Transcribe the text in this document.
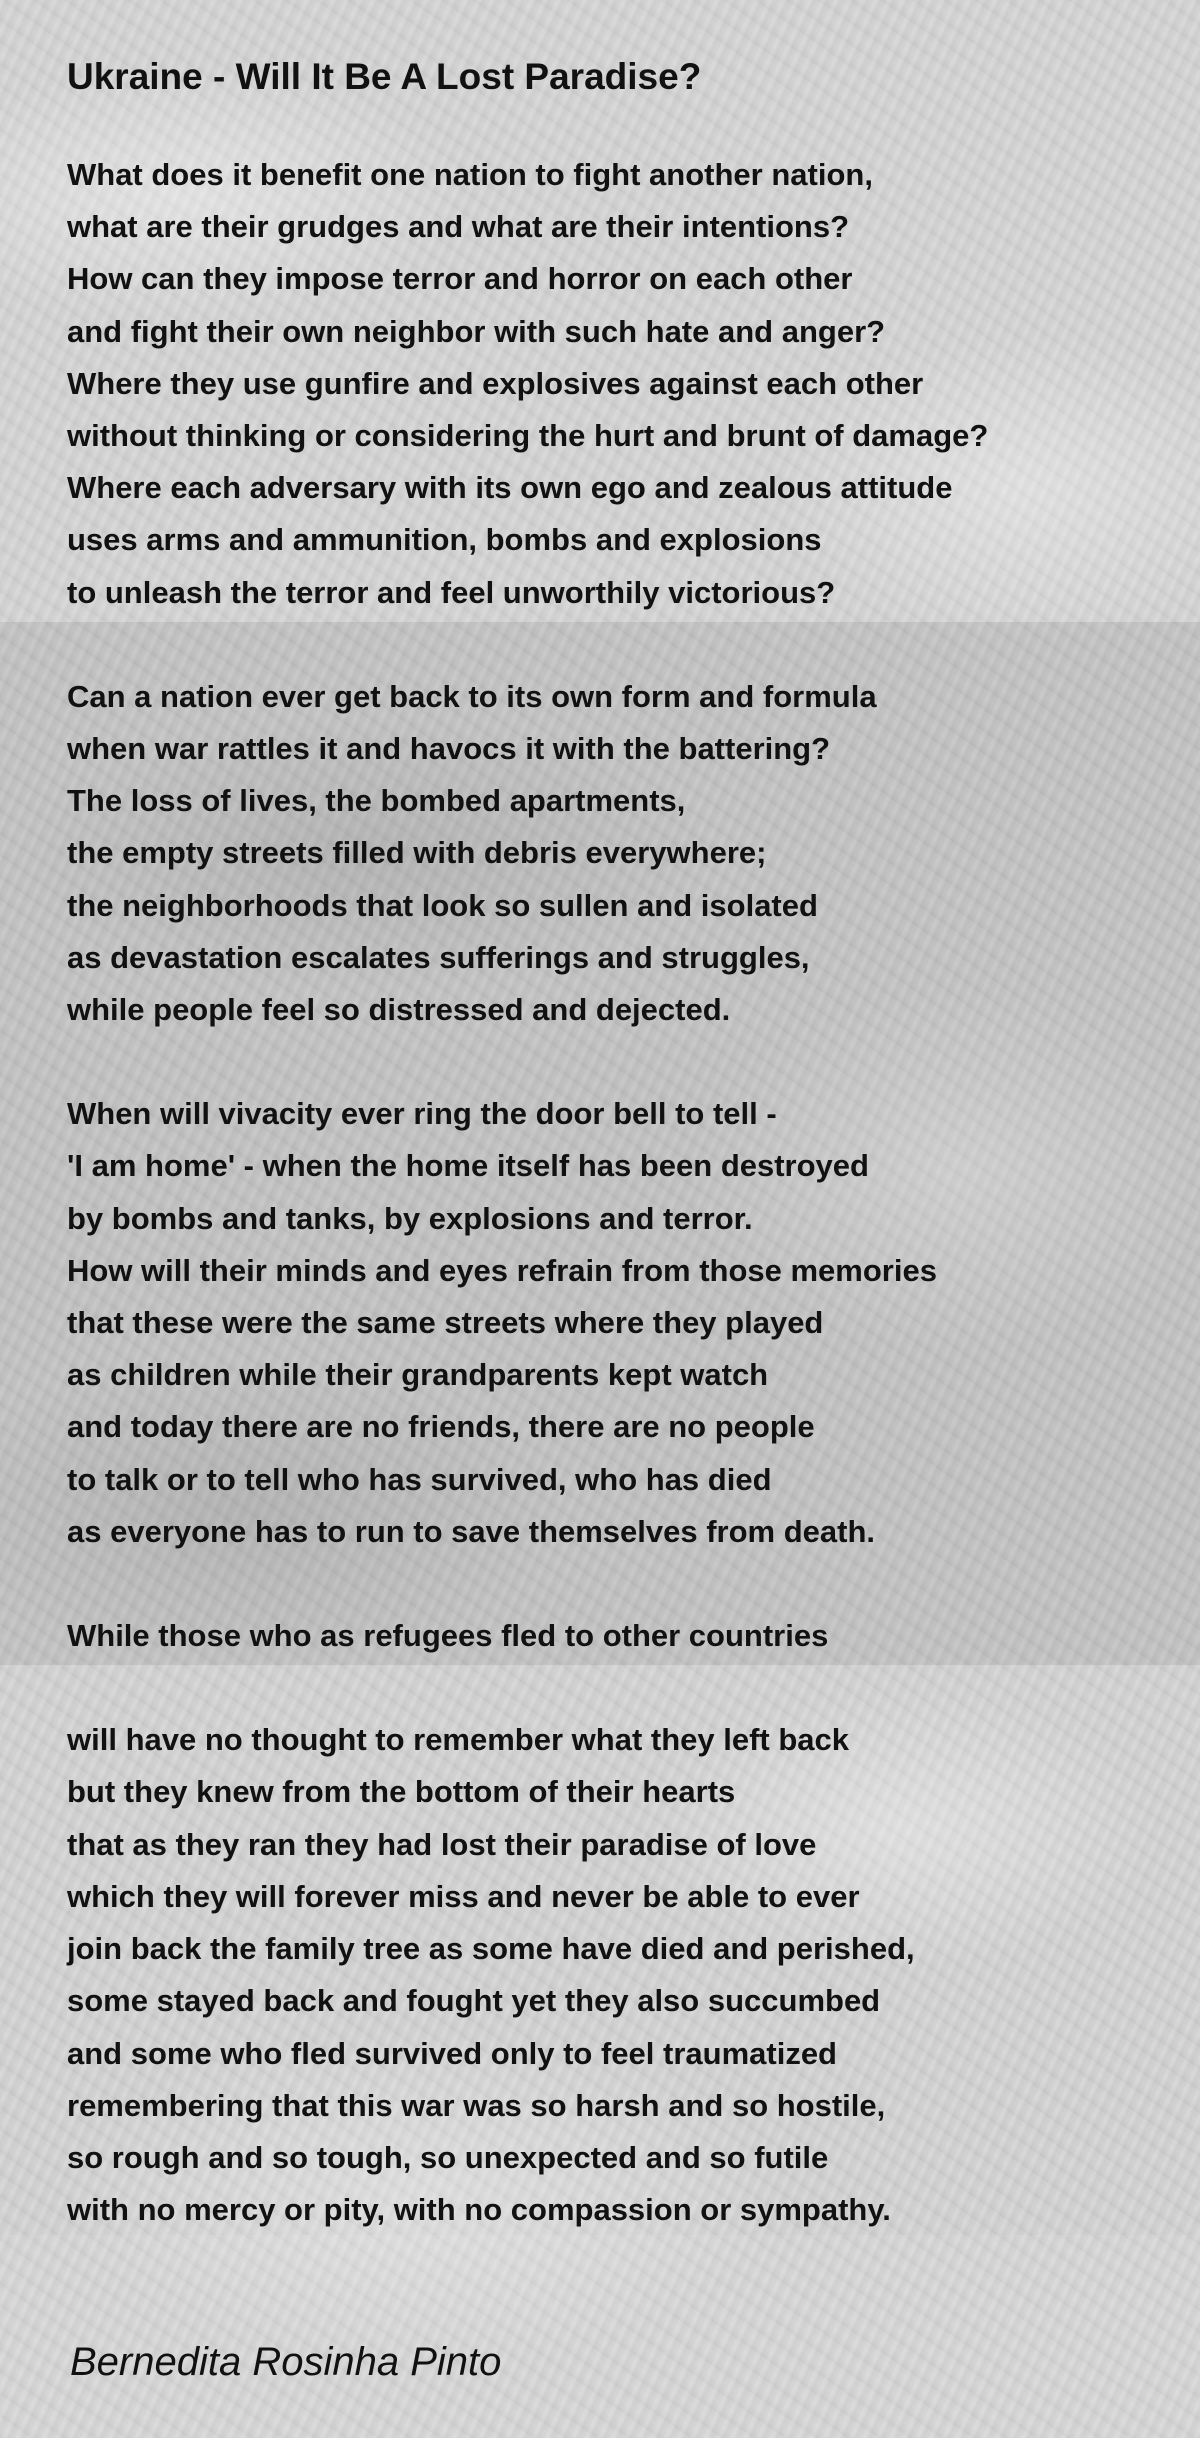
Ukraine - Will It Be A Lost Paradise?
What does it benefit one nation to fight another nation,
what are their grudges and what are their intentions?
How can they impose terror and horror on each other
and fight their own neighbor with such hate and anger?
Where they use gunfire and explosives against each other
without thinking or considering the hurt and brunt of damage?
Where each adversary with its own ego and zealous attitude
uses arms and ammunition, bombs and explosions
to unleash the terror and feel unworthily victorious?
Can a nation ever get back to its own form and formula
when war rattles it and havocs it with the battering?
The loss of lives, the bombed apartments,
the empty streets filled with debris everywhere;
the neighborhoods that look so sullen and isolated
as devastation escalates sufferings and struggles,
while people feel so distressed and dejected.
When will vivacity ever ring the door bell to tell -
'I am home' - when the home itself has been destroyed
by bombs and tanks, by explosions and terror.
How will their minds and eyes refrain from those memories
that these were the same streets where they played
as children while their grandparents kept watch
and today there are no friends, there are no people
to talk or to tell who has survived, who has died
as everyone has to run to save themselves from death.
While those who as refugees fled to other countries
will have no thought to remember what they left back
but they knew from the bottom of their hearts
that as they ran they had lost their paradise of love
which they will forever miss and never be able to ever
join back the family tree as some have died and perished,
some stayed back and fought yet they also succumbed
and some who fled survived only to feel traumatized
remembering that this war was so harsh and so hostile,
so rough and so tough, so unexpected and so futile
with no mercy or pity, with no compassion or sympathy.
Bernedita Rosinha Pinto
